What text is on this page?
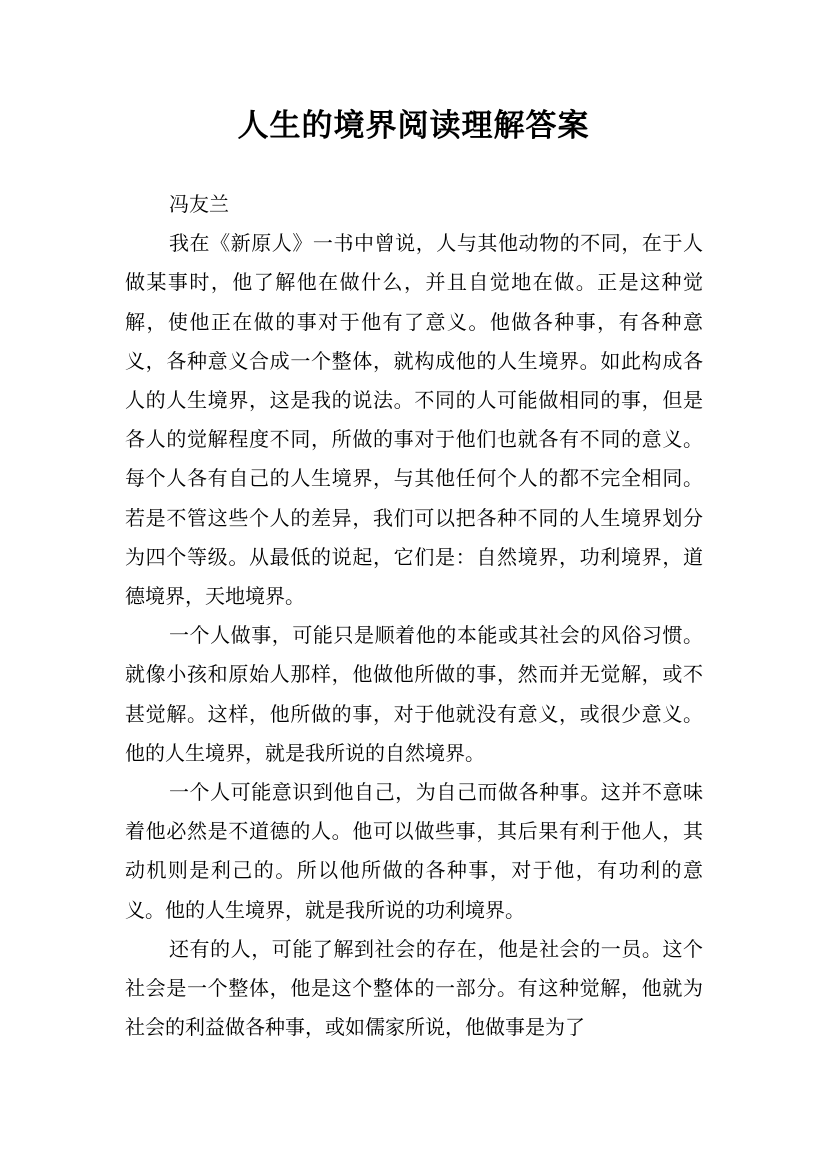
人生的境界阅读理解答案

冯友兰

我在《新原人》一书中曾说，人与其他动物的不同，在于人做某事时，他了解他在做什么，并且自觉地在做。正是这种觉解，使他正在做的事对于他有了意义。他做各种事，有各种意义，各种意义合成一个整体，就构成他的人生境界。如此构成各人的人生境界，这是我的说法。不同的人可能做相同的事，但是各人的觉解程度不同，所做的事对于他们也就各有不同的意义。每个人各有自己的人生境界，与其他任何个人的都不完全相同。若是不管这些个人的差异，我们可以把各种不同的人生境界划分为四个等级。从最低的说起，它们是：自然境界，功利境界，道德境界，天地境界。

一个人做事，可能只是顺着他的本能或其社会的风俗习惯。就像小孩和原始人那样，他做他所做的事，然而并无觉解，或不甚觉解。这样，他所做的事，对于他就没有意义，或很少意义。他的人生境界，就是我所说的自然境界。

一个人可能意识到他自己，为自己而做各种事。这并不意味着他必然是不道德的人。他可以做些事，其后果有利于他人，其动机则是利己的。所以他所做的各种事，对于他，有功利的意义。他的人生境界，就是我所说的功利境界。

还有的人，可能了解到社会的存在，他是社会的一员。这个社会是一个整体，他是这个整体的一部分。有这种觉解，他就为社会的利益做各种事，或如儒家所说，他做事是为了
